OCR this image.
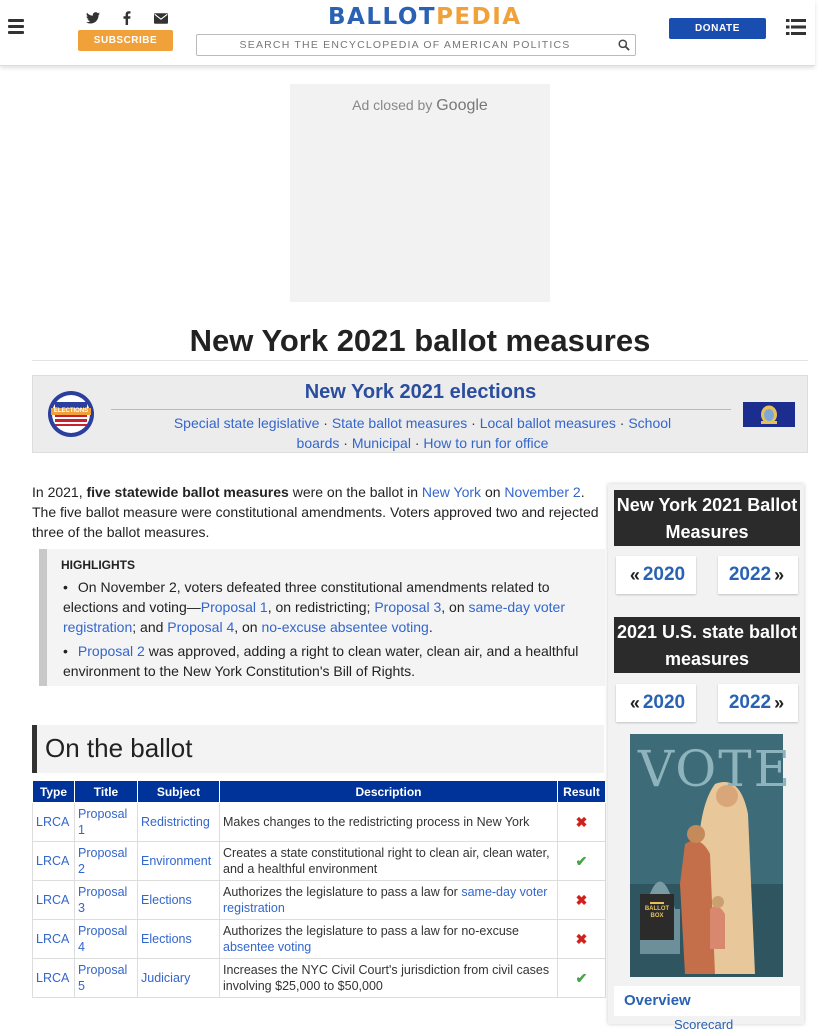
SUBSCRIBE
BALLOTPEDIA
SEARCH THE ENCYCLOPEDIA OF AMERICAN POLITICS	DONATE
Ad closed by Google
New York 2021 ballot measures
ELECTIONS
New York 2021 elections
Special state legislative · State ballot measures · Local ballot measures · School boards · Municipal · How to run for office

In 2021, five statewide ballot measures were on the ballot in New York on November 2. The five ballot measure were constitutional amendments. Voters approved two and rejected three of the ballot measures.

HIGHLIGHTS
• On November 2, voters defeated three constitutional amendments related to elections and voting—Proposal 1, on redistricting; Proposal 3, on same-day voter registration; and Proposal 4, on no-excuse absentee voting.
• Proposal 2 was approved, adding a right to clean water, clean air, and a healthful environment to the New York Constitution's Bill of Rights.
On the ballot
Type	Title	Subject	Description	Result
LRCA	Proposal 1	Redistricting	Makes changes to the redistricting process in New York	✖
LRCA	Proposal 2	Environment	Creates a state constitutional right to clean air, clean water, and a healthful environment	✔
LRCA	Proposal 3	Elections	Authorizes the legislature to pass a law for same-day voter registration	✖
LRCA	Proposal 4	Elections	Authorizes the legislature to pass a law for no-excuse absentee voting	✖
LRCA	Proposal 5	Judiciary	Increases the NYC Civil Court's jurisdiction from civil cases involving $25,000 to $50,000	✔
New York 2021 Ballot Measures
« 2020 2022 »
2021 U.S. state ballot measures
« 2020 2022 »
VOTE
BALLOT BOX
Overview
Scorecard
